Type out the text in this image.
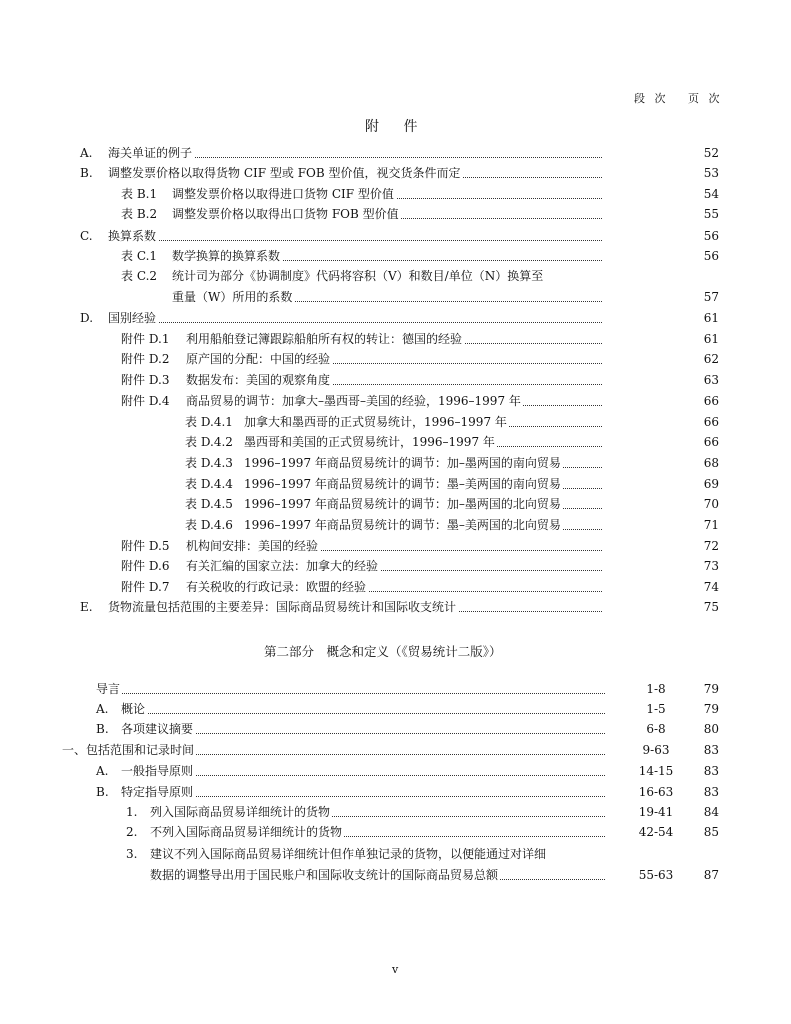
段 次 页 次
附 件
A. 海关单证的例子	52
B. 调整发票价格以取得货物 CIF 型或 FOB 型价值，视交货条件而定	53
表 B.1 调整发票价格以取得进口货物 CIF 型价值	54
表 B.2 调整发票价格以取得出口货物 FOB 型价值	55
C. 换算系数	56
表 C.1 数学换算的换算系数	56
表 C.2 统计司为部分《协调制度》代码将容积（V）和数目/单位（N）换算至
重量（W）所用的系数	57
D. 国别经验	61
附件 D.1 利用船舶登记簿跟踪船舶所有权的转让：德国的经验	61
附件 D.2 原产国的分配：中国的经验	62
附件 D.3 数据发布：美国的观察角度	63
附件 D.4 商品贸易的调节：加拿大–墨西哥–美国的经验，1996–1997 年	66
表 D.4.1 加拿大和墨西哥的正式贸易统计，1996–1997 年	66
表 D.4.2 墨西哥和美国的正式贸易统计，1996–1997 年	66
表 D.4.3 1996–1997 年商品贸易统计的调节：加–墨两国的南向贸易	68
表 D.4.4 1996–1997 年商品贸易统计的调节：墨–美两国的南向贸易	69
表 D.4.5 1996–1997 年商品贸易统计的调节：加–墨两国的北向贸易	70
表 D.4.6 1996–1997 年商品贸易统计的调节：墨–美两国的北向贸易	71
附件 D.5 机构间安排：美国的经验	72
附件 D.6 有关汇编的国家立法：加拿大的经验	73
附件 D.7 有关税收的行政记录：欧盟的经验	74
E. 货物流量包括范围的主要差异：国际商品贸易统计和国际收支统计	75
第二部分　概念和定义（《贸易统计二版》）
导言	1-8	79
A. 概论	1-5	79
B. 各项建议摘要	6-8	80
一、包括范围和记录时间	9-63	83
A. 一般指导原则	14-15	83
B. 特定指导原则	16-63	83
1. 列入国际商品贸易详细统计的货物	19-41	84
2. 不列入国际商品贸易详细统计的货物	42-54	85
3. 建议不列入国际商品贸易详细统计但作单独记录的货物，以便能通过对详细
数据的调整导出用于国民账户和国际收支统计的国际商品贸易总额	55-63	87
v
